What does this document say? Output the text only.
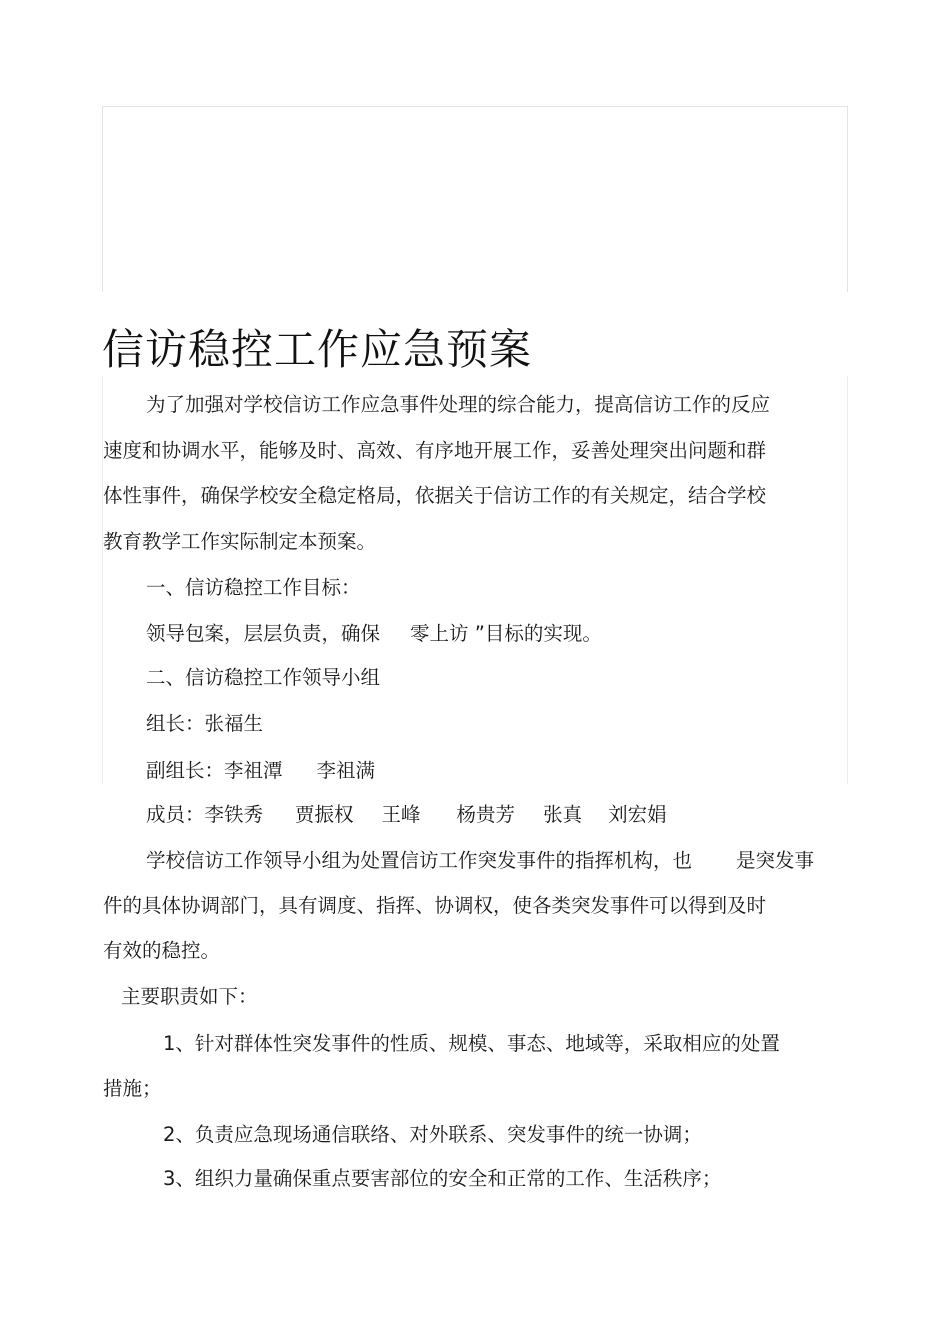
信访稳控工作应急预案
为了加强对学校信访工作应急事件处理的综合能力，提高信访工作的反应
速度和协调水平，能够及时、高效、有序地开展工作，妥善处理突出问题和群
体性事件，确保学校安全稳定格局，依据关于信访工作的有关规定，结合学校
教育教学工作实际制定本预案。
一、信访稳控工作目标：
领导包案，层层负责，确保 零上访 ”目标的实现。
二、信访稳控工作领导小组
组长：张福生
副组长：李祖潭 李祖满
成员：李铁秀 贾振权 王峰 杨贵芳 张真 刘宏娟
学校信访工作领导小组为处置信访工作突发事件的指挥机构，也 是突发事
件的具体协调部门，具有调度、指挥、协调权，使各类突发事件可以得到及时
有效的稳控。
主要职责如下：
1、针对群体性突发事件的性质、规模、事态、地域等，采取相应的处置
措施；
2、负责应急现场通信联络、对外联系、突发事件的统一协调；
3、组织力量确保重点要害部位的安全和正常的工作、生活秩序；
